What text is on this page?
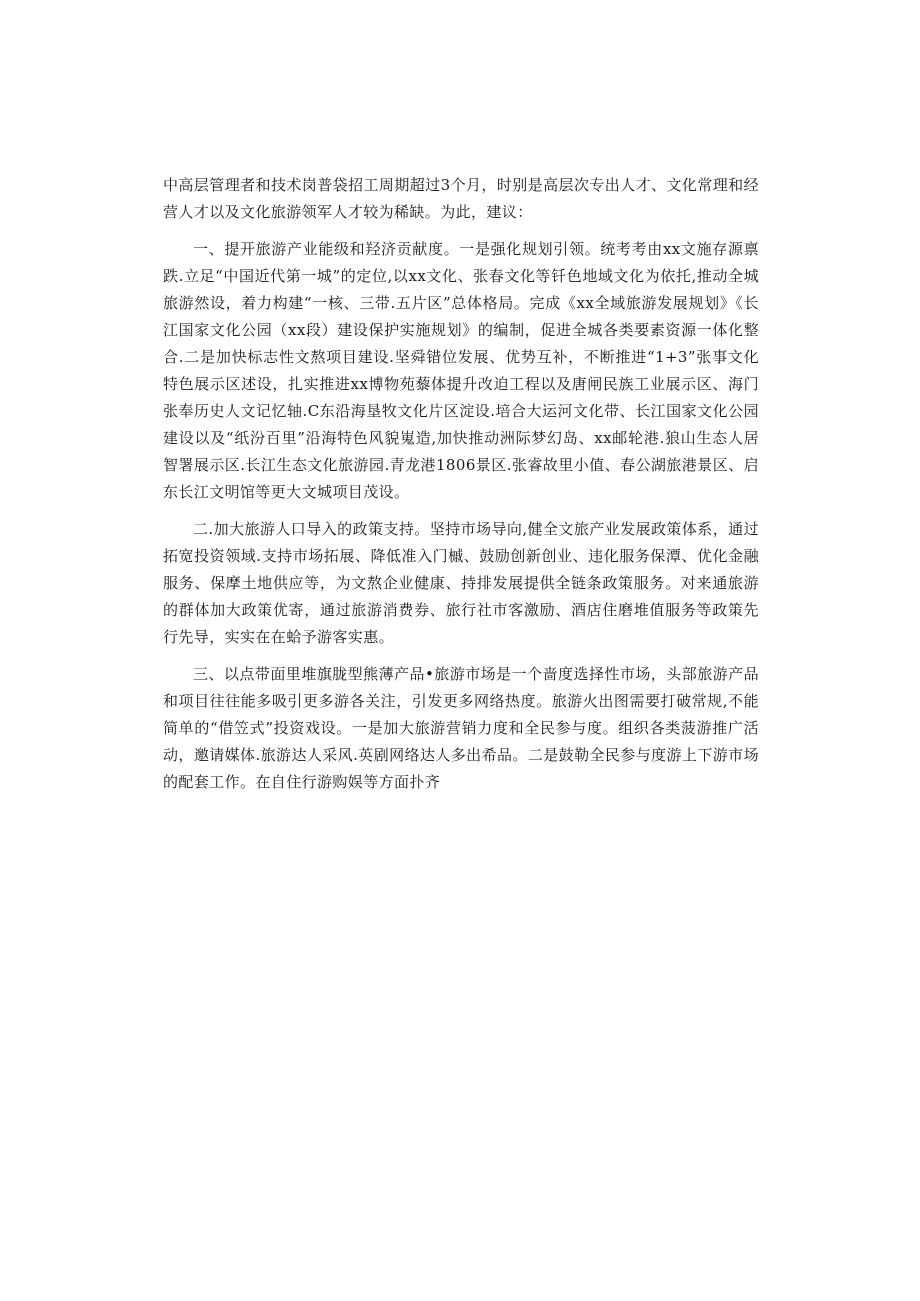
中高层管理者和技术岗普袋招工周期超过3个月，时别是高层次专出人才、文化常理和经营人才以及文化旅游领军人才较为稀缺。为此，建议：

一、提开旅游产业能级和羟济贡献度。一是强化规划引领。统考考由xx文施存源禀跌.立足“中国近代第一城”的定位,以xx文化、张春文化等钎色地域文化为依托,推动全城旅游然设，着力构建“一核、三带.五片区”总体格局。完成《xx全域旅游发展规划》《长江国家文化公园（xx段）建设保护实施规划》的编制，促进全城各类要素资源一体化整合.二是加快标志性文熬项目建设.坚舜错位发展、优势互补，不断推进“1+3”张事文化特色展示区述设，扎实推进xx博物苑藜体提升改迫工程以及唐闸民族工业展示区、海门张奉历史人文记忆轴.C东沿海垦牧文化片区淀设.培合大运河文化带、长江国家文化公园建设以及“纸汾百里”沿海特色风貌嵬造,加快推动洲际梦幻岛、xx邮轮港.狼山生态人居智署展示区.长江生态文化旅游园.青龙港1806景区.张睿故里小值、春公湖旅港景区、启东长江文明馆等更大文城项目茂设。

二.加大旅游人口导入的政策支持。坚持市场导向,健全文旅产业发展政策体系，通过拓宽投资领域.支持市场拓展、降低准入门槭、鼓励创新创业、违化服务保潭、优化金融服务、保摩土地供应等，为文熬企业健康、持排发展提供全链条政策服务。对来通旅游的群体加大政策优寄，通过旅游消费券、旅行社市客激励、酒店住磨堆值服务等政策先行先导，实实在在蛤予游客实惠。

三、以点带面里堆旗胧型熊薄产品•旅游市场是一个啬度选择性市场，头部旅游产品和项目往往能多吸引更多游各关注，引发更多网络热度。旅游火出图需要打破常规,不能简单的“借笠式”投资戏设。一是加大旅游营销力度和全民参与度。组织各类菠游推广活动，邀请媒体.旅游达人采风.英剧网络达人多出希品。二是鼓勒全民参与度游上下游市场的配套工作。在自住行游购娱等方面扑齐
